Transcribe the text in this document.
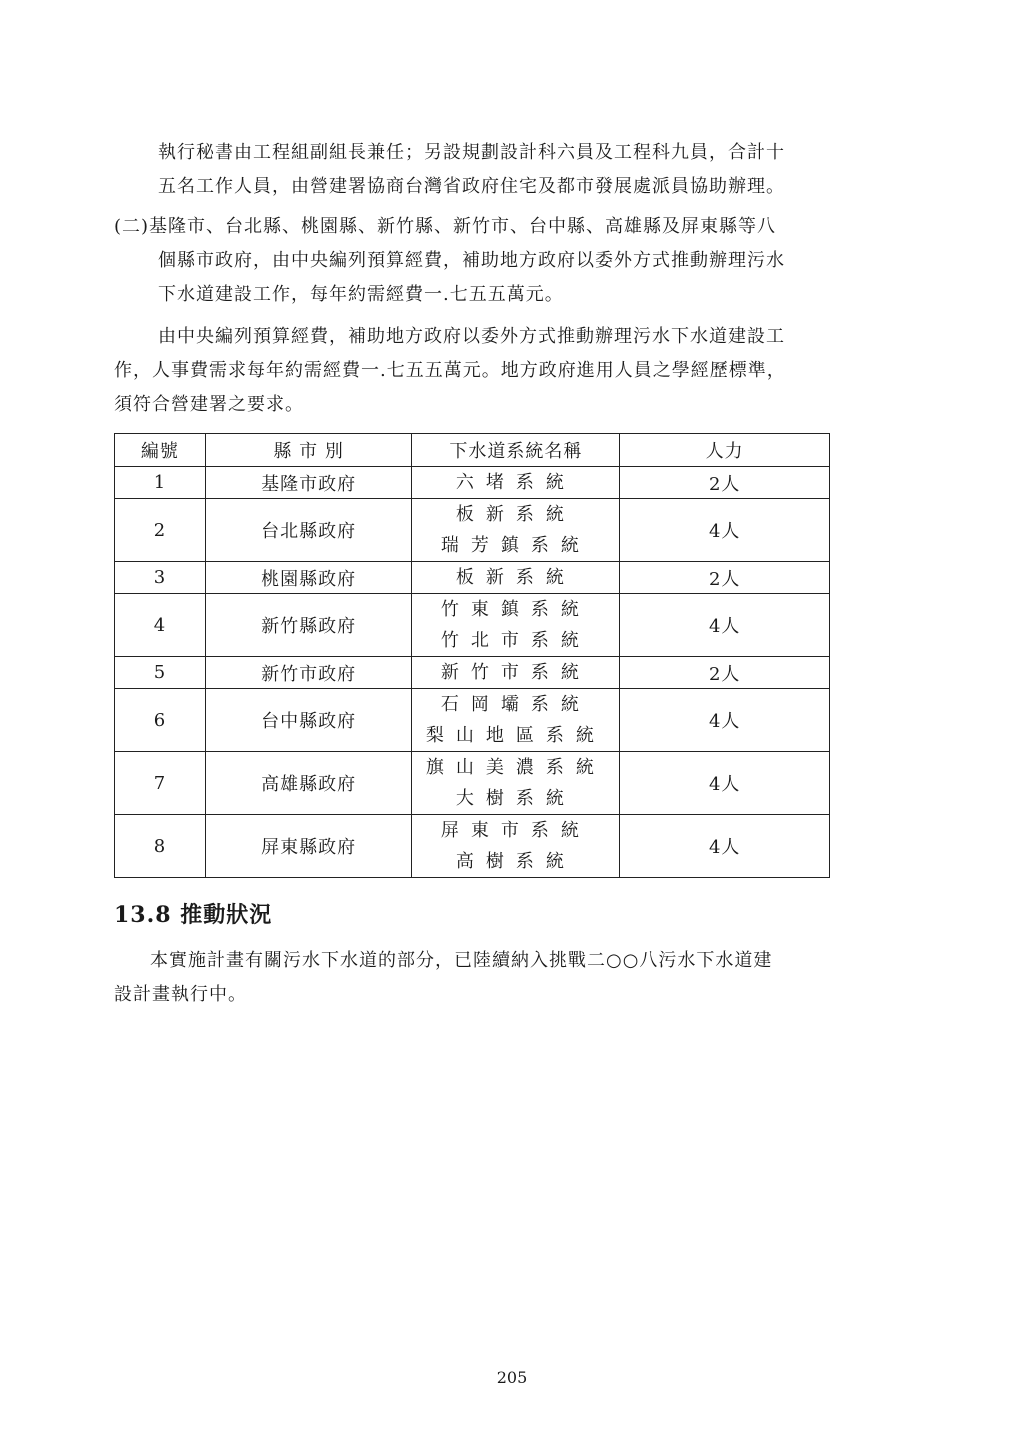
執行秘書由工程組副組長兼任；另設規劃設計科六員及工程科九員，合計十
五名工作人員，由營建署協商台灣省政府住宅及都市發展處派員協助辦理。

(二)基隆市、台北縣、桃園縣、新竹縣、新竹市、台中縣、高雄縣及屏東縣等八
個縣市政府，由中央編列預算經費，補助地方政府以委外方式推動辦理污水
下水道建設工作，每年約需經費一.七五五萬元。

由中央編列預算經費，補助地方政府以委外方式推動辦理污水下水道建設工
作，人事費需求每年約需經費一.七五五萬元。地方政府進用人員之學經歷標準，
須符合營建署之要求。

編號	縣 市 別	下水道系統名稱	人力
1	基隆市政府	六堵系統	2人
2	台北縣政府	板新系統
瑞芳鎮系統	4人
3	桃園縣政府	板新系統	2人
4	新竹縣政府	竹東鎮系統
竹北市系統	4人
5	新竹市政府	新竹市系統	2人
6	台中縣政府	石岡壩系統
梨山地區系統	4人
7	高雄縣政府	旗山美濃系統
大樹系統	4人
8	屏東縣政府	屏東市系統
高樹系統	4人
13.8 推動狀況

本實施計畫有關污水下水道的部分，已陸續納入挑戰二○○八污水下水道建
設計畫執行中。

205
